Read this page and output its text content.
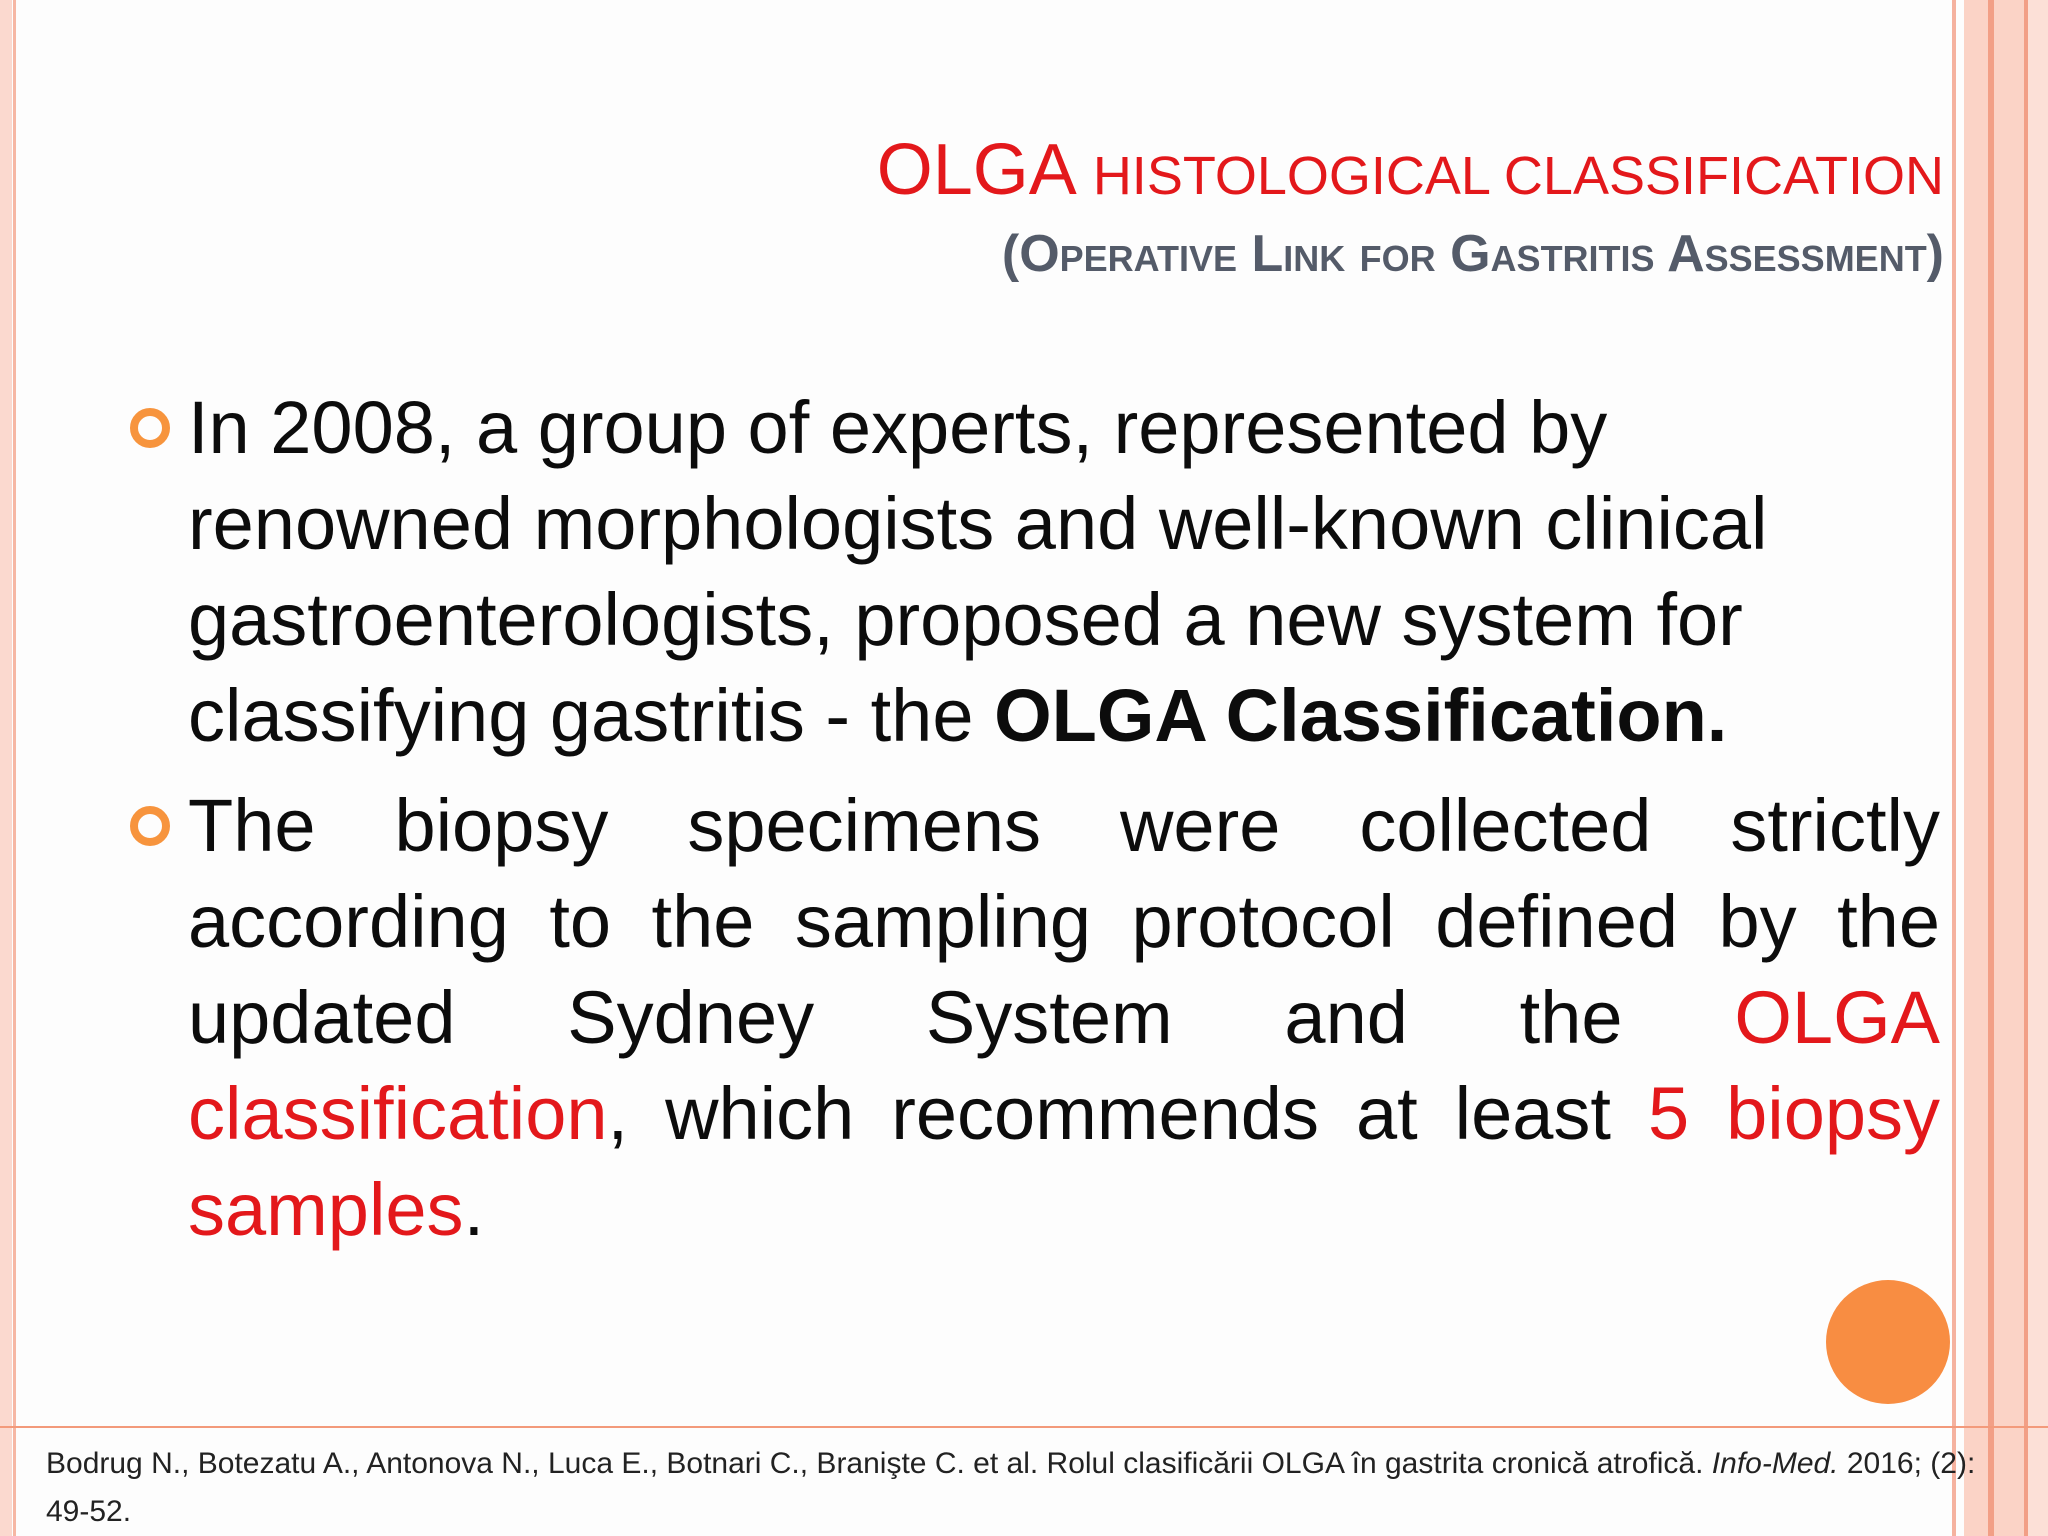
OLGA HISTOLOGICAL CLASSIFICATION
(Operative Link for Gastritis Assessment)
In 2008, a group of experts, represented by renowned morphologists and well-known clinical gastroenterologists, proposed a new system for classifying gastritis - the OLGA Classification.
The biopsy specimens were collected strictly according to the sampling protocol defined by the updated Sydney System and the OLGA classification, which recommends at least 5 biopsy samples.
Bodrug N., Botezatu A., Antonova N., Luca E., Botnari C., Branişte C. et al. Rolul clasificării OLGA în gastrita cronică atrofică. Info-Med. 2016; (2): 49-52.
